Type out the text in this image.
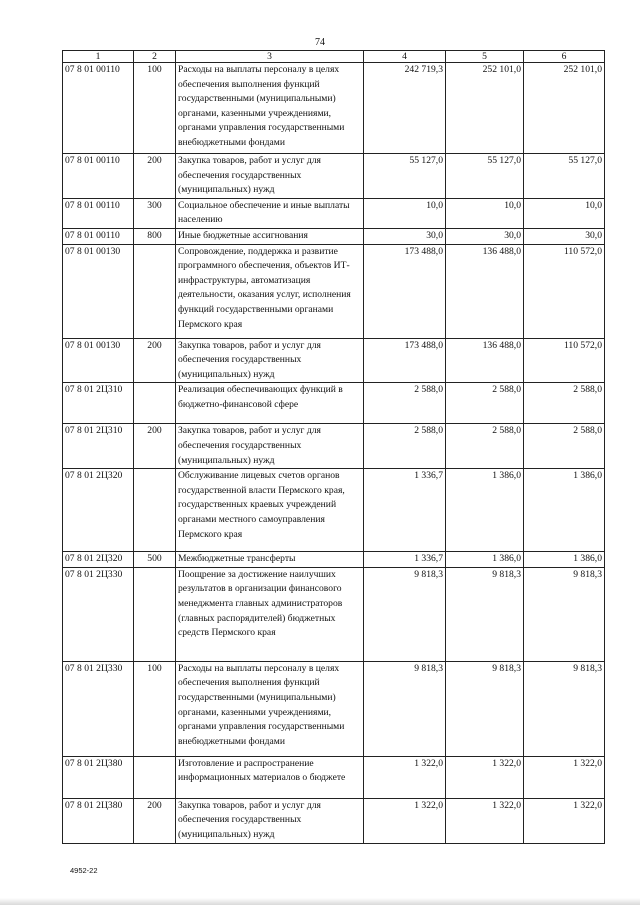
74
1	2	3	4	5	6
07 8 01 00110	100	Расходы на выплаты персоналу в целях обеспечения выполнения функций государственными (муниципальными) органами, казенными учреждениями, органами управления государственными внебюджетными фондами	242 719,3	252 101,0	252 101,0
07 8 01 00110	200	Закупка товаров, работ и услуг для обеспечения государственных (муниципальных) нужд	55 127,0	55 127,0	55 127,0
07 8 01 00110	300	Социальное обеспечение и иные выплаты населению	10,0	10,0	10,0
07 8 01 00110	800	Иные бюджетные ассигнования	30,0	30,0	30,0
07 8 01 00130		Сопровождение, поддержка и развитие программного обеспечения, объектов ИТ-инфраструктуры, автоматизация деятельности, оказания услуг, исполнения функций государственными органами Пермского края	173 488,0	136 488,0	110 572,0
07 8 01 00130	200	Закупка товаров, работ и услуг для обеспечения государственных (муниципальных) нужд	173 488,0	136 488,0	110 572,0
07 8 01 2Ц310		Реализация обеспечивающих функций в бюджетно-финансовой сфере	2 588,0	2 588,0	2 588,0
07 8 01 2Ц310	200	Закупка товаров, работ и услуг для обеспечения государственных (муниципальных) нужд	2 588,0	2 588,0	2 588,0
07 8 01 2Ц320		Обслуживание лицевых счетов органов государственной власти Пермского края, государственных краевых учреждений органами местного самоуправления Пермского края	1 336,7	1 386,0	1 386,0
07 8 01 2Ц320	500	Межбюджетные трансферты	1 336,7	1 386,0	1 386,0
07 8 01 2Ц330		Поощрение за достижение наилучших результатов в организации финансового менеджмента главных администраторов (главных распорядителей) бюджетных средств Пермского края	9 818,3	9 818,3	9 818,3
07 8 01 2Ц330	100	Расходы на выплаты персоналу в целях обеспечения выполнения функций государственными (муниципальными) органами, казенными учреждениями, органами управления государственными внебюджетными фондами	9 818,3	9 818,3	9 818,3
07 8 01 2Ц380		Изготовление и распространение информационных материалов о бюджете	1 322,0	1 322,0	1 322,0
07 8 01 2Ц380	200	Закупка товаров, работ и услуг для обеспечения государственных (муниципальных) нужд	1 322,0	1 322,0	1 322,0
4952-22
